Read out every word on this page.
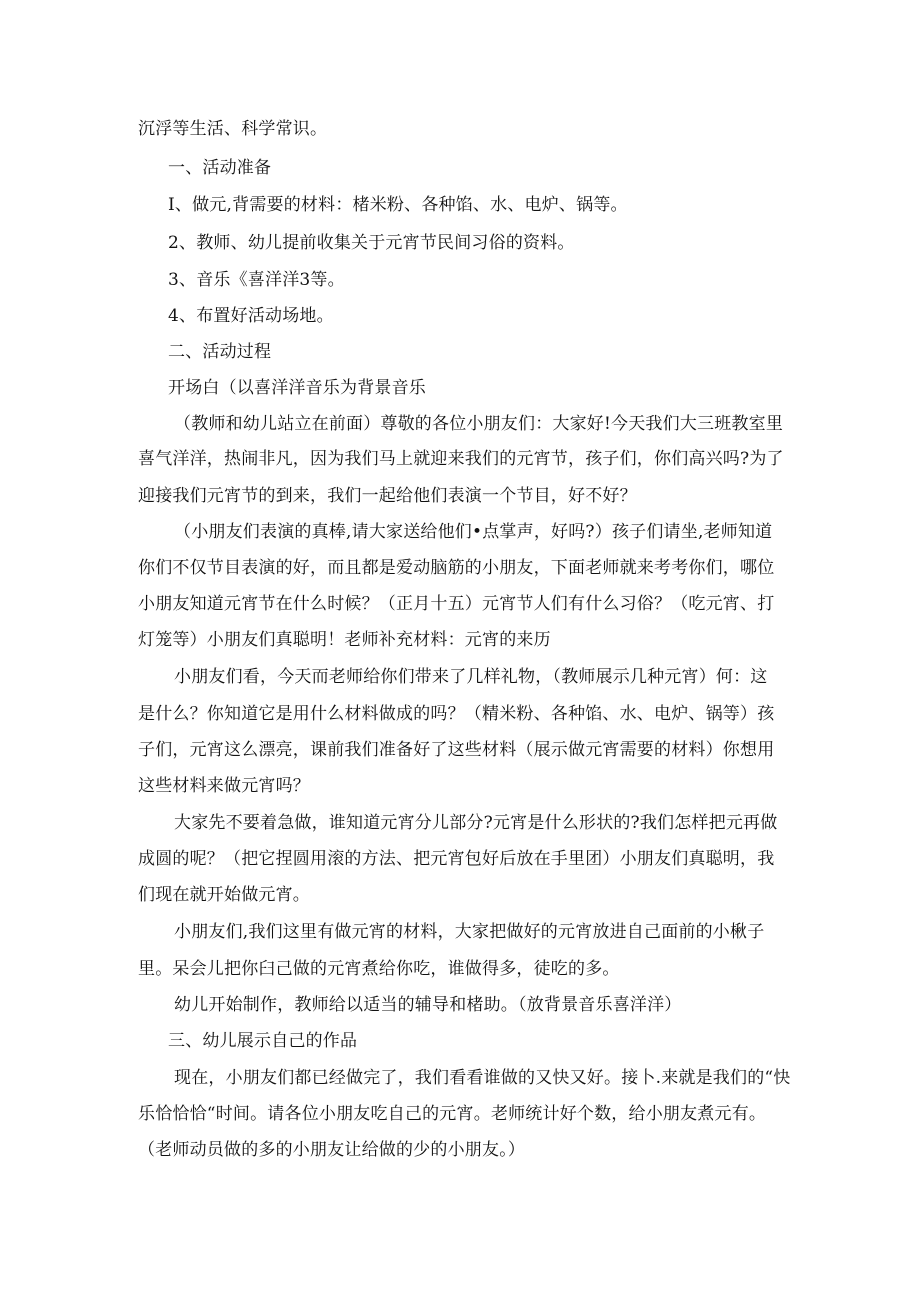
沉浮等生活、科学常识。
一、活动准备
I、做元,背需要的材料：楮米粉、各种馅、水、电炉、锅等。
2、教师、幼儿提前收集关于元宵节民间习俗的资料。
3、音乐《喜洋洋3等。
4、布置好活动场地。
二、活动过程
开场白（以喜洋洋音乐为背景音乐
（教师和幼儿站立在前面）尊敬的各位小朋友们：大家好!今天我们大三班教室里
喜气洋洋，热闹非凡，因为我们马上就迎来我们的元宵节，孩子们，你们高兴吗?为了
迎接我们元宵节的到来，我们一起给他们表演一个节目，好不好？
（小朋友们表演的真棒,请大家送给他们•点掌声，好吗?）孩子们请坐,老师知道
你们不仅节目表演的好，而且都是爱动脑筋的小朋友，下面老师就来考考你们，哪位
小朋友知道元宵节在什么时候？（正月十五）元宵节人们有什么习俗？（吃元宵、打
灯笼等）小朋友们真聪明！老师补充材料：元宵的来历
小朋友们看，今天而老师给你们带来了几样礼物，（教师展示几种元宵）何：这
是什么？你知道它是用什么材料做成的吗？（精米粉、各种馅、水、电炉、锅等）孩
子们，元宵这么漂亮，课前我们准备好了这些材料（展示做元宵需要的材料）你想用
这些材料来做元宵吗？
大家先不要着急做，谁知道元宵分儿部分?元宵是什么形状的?我们怎样把元再做
成圆的呢？（把它捏圆用滚的方法、把元宵包好后放在手里团）小朋友们真聪明，我
们现在就开始做元宵。
小朋友们,我们这里有做元宵的材料，大家把做好的元宵放进自己面前的小楸子
里。呆会儿把你臼己做的元宵煮给你吃，谁做得多，徒吃的多。
幼儿开始制作，教师给以适当的辅导和楮助。（放背景音乐喜洋洋）
三、幼儿展示自己的作品
现在，小朋友们都已经做完了，我们看看谁做的又快又好。接卜.来就是我们的“快
乐恰恰恰“时间。请各位小朋友吃自己的元宵。老师统计好个数，给小朋友煮元有。
（老师动员做的多的小朋友让给做的少的小朋友。）
